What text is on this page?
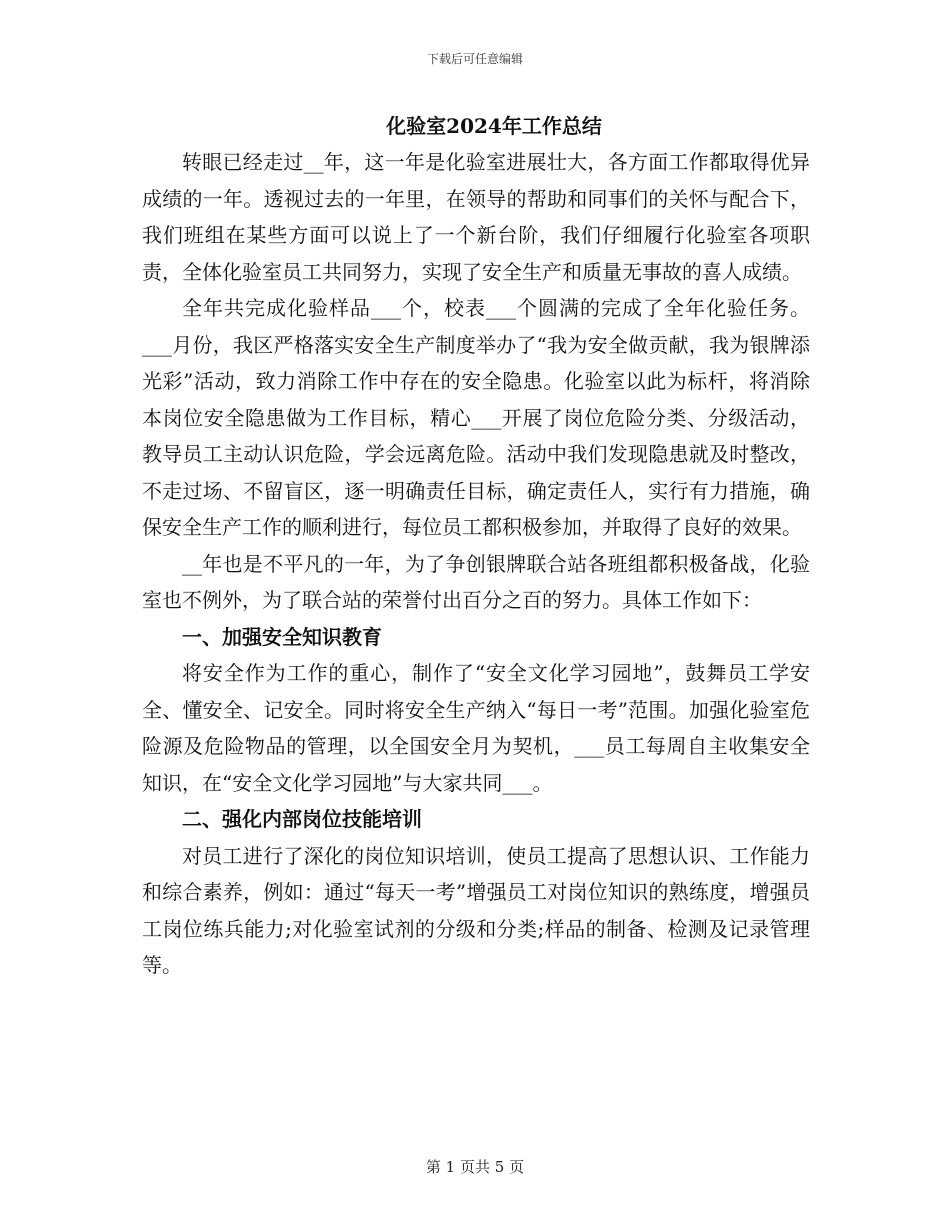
下载后可任意编辑
化验室2024年工作总结

转眼已经走过__年，这一年是化验室进展壮大，各方面工作都取得优异成绩的一年。透视过去的一年里，在领导的帮助和同事们的关怀与配合下，我们班组在某些方面可以说上了一个新台阶，我们仔细履行化验室各项职责，全体化验室员工共同努力，实现了安全生产和质量无事故的喜人成绩。

全年共完成化验样品___个，校表___个圆满的完成了全年化验任务。___月份，我区严格落实安全生产制度举办了“我为安全做贡献，我为银牌添光彩”活动，致力消除工作中存在的安全隐患。化验室以此为标杆，将消除本岗位安全隐患做为工作目标，精心___开展了岗位危险分类、分级活动，教导员工主动认识危险，学会远离危险。活动中我们发现隐患就及时整改，不走过场、不留盲区，逐一明确责任目标，确定责任人，实行有力措施，确保安全生产工作的顺利进行，每位员工都积极参加，并取得了良好的效果。

__年也是不平凡的一年，为了争创银牌联合站各班组都积极备战，化验室也不例外，为了联合站的荣誉付出百分之百的努力。具体工作如下：

一、加强安全知识教育

将安全作为工作的重心，制作了“安全文化学习园地”，鼓舞员工学安全、懂安全、记安全。同时将安全生产纳入“每日一考”范围。加强化验室危险源及危险物品的管理，以全国安全月为契机，___员工每周自主收集安全知识，在“安全文化学习园地”与大家共同___。

二、强化内部岗位技能培训

对员工进行了深化的岗位知识培训，使员工提高了思想认识、工作能力和综合素养，例如：通过“每天一考”增强员工对岗位知识的熟练度，增强员工岗位练兵能力;对化验室试剂的分级和分类;样品的制备、检测及记录管理等。

第 1 页共 5 页
